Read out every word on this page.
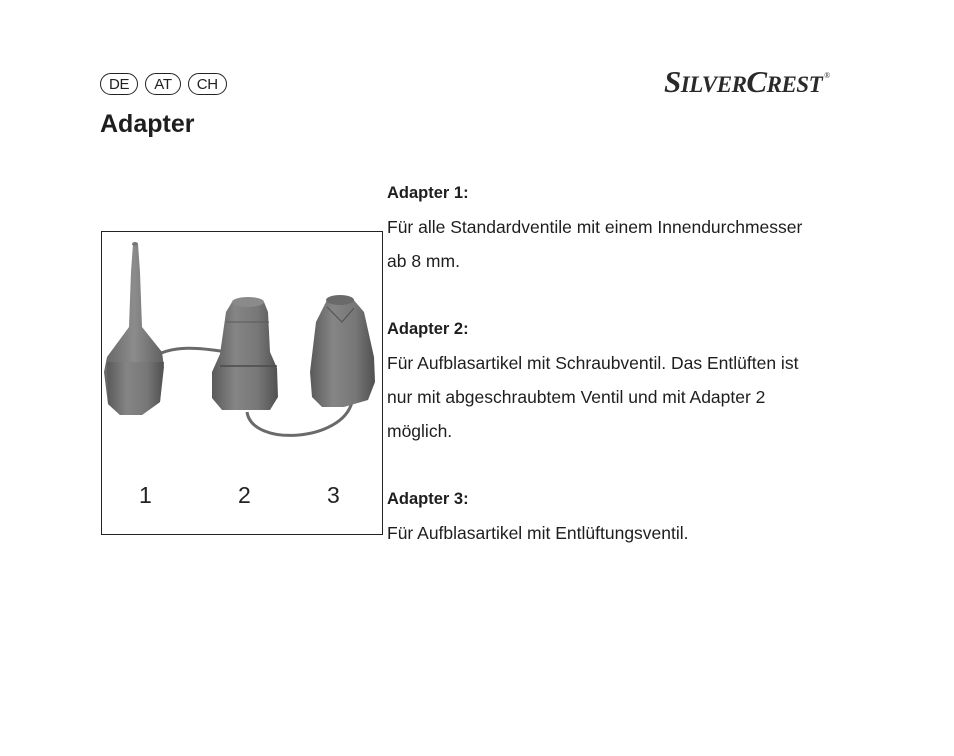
DE	AT	CH	SILVERCREST ®
Adapter
1	2	3

Adapter 1:

Für alle Standardventile mit einem Innendurchmesser

ab 8 mm.

Adapter 2:

Für Aufblasartikel mit Schraubventil. Das Entlüften ist

nur mit abgeschraubtem Ventil und mit Adapter 2

möglich.

Adapter 3:

Für Aufblasartikel mit Entlüftungsventil.
